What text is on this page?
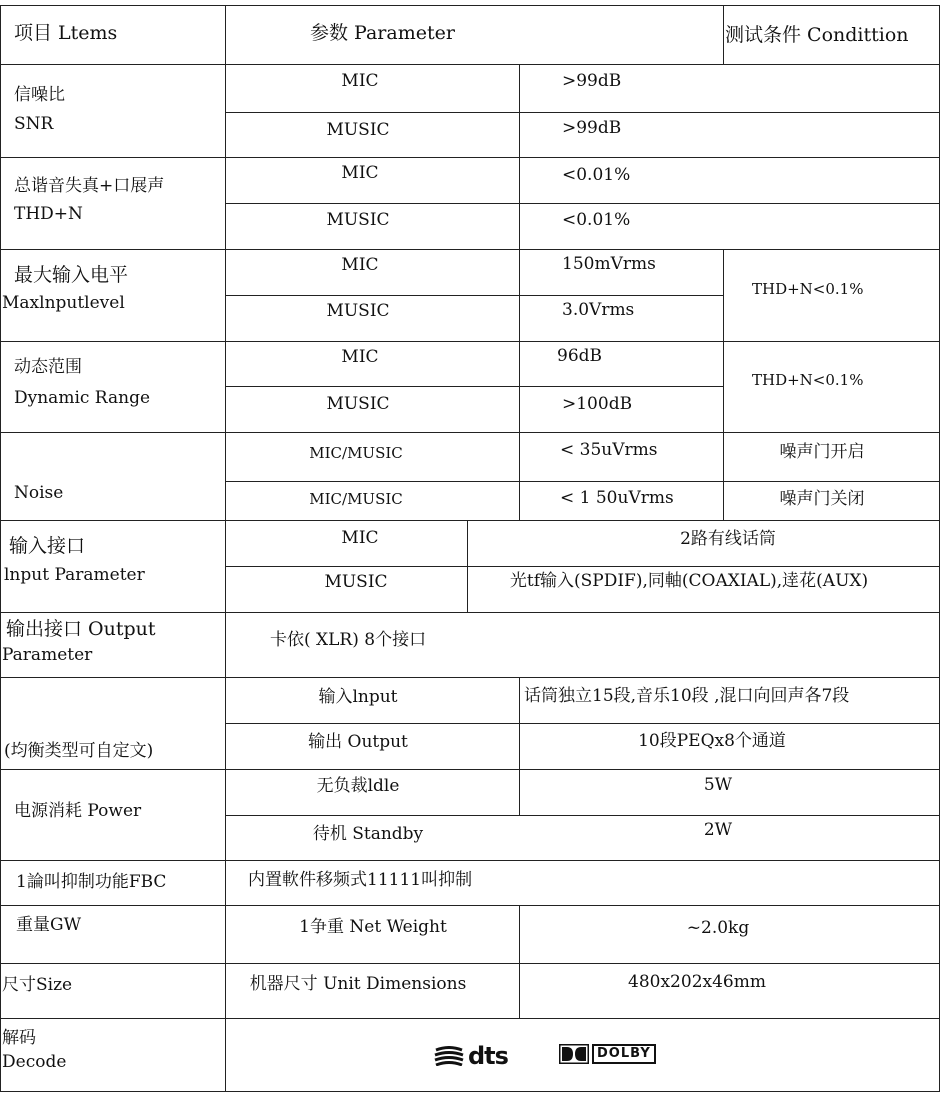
项目 Ltems	参数 Parameter	测试条件 Condittion
信噪比
SNR
MIC	>99dB
MUSIC	>99dB
总谐音失真+口展声
THD+N
MIC	<0.01%
MUSIC	<0.01%
最大输入电平
Maxlnputlevel
MIC	150mVrms
MUSIC	3.0Vrms
THD+N<0.1%
动态范围
Dynamic Range
MIC	96dB
MUSIC	>100dB
THD+N<0.1%
Noise
MIC/MUSIC	< 35uVrms	噪声门开启
MIC/MUSIC	< 1 50uVrms	噪声门关闭
输入接口
lnput Parameter
MIC	2路有线话筒
MUSIC	光tf输入(SPDIF),同軸(COAXIAL),逹花(AUX)
输出接口 Output
Parameter
卡依( XLR) 8个接口
(均衡类型可自定文)
输入lnput	话筒独立15段,音乐10段 ,混口向回声各7段
输出 Output	10段PEQx8个通道
电源消耗 Power
无负裁ldle	5W
待机 Standby	2W
1論叫抑制功能FBC	内置軟件移频式11111叫抑制
重量GW	1争重 Net Weight	~2.0kg
尺寸Size	机器尺寸 Unit Dimensions	480x202x46mm
解码
Decode	dts	DOLBY
